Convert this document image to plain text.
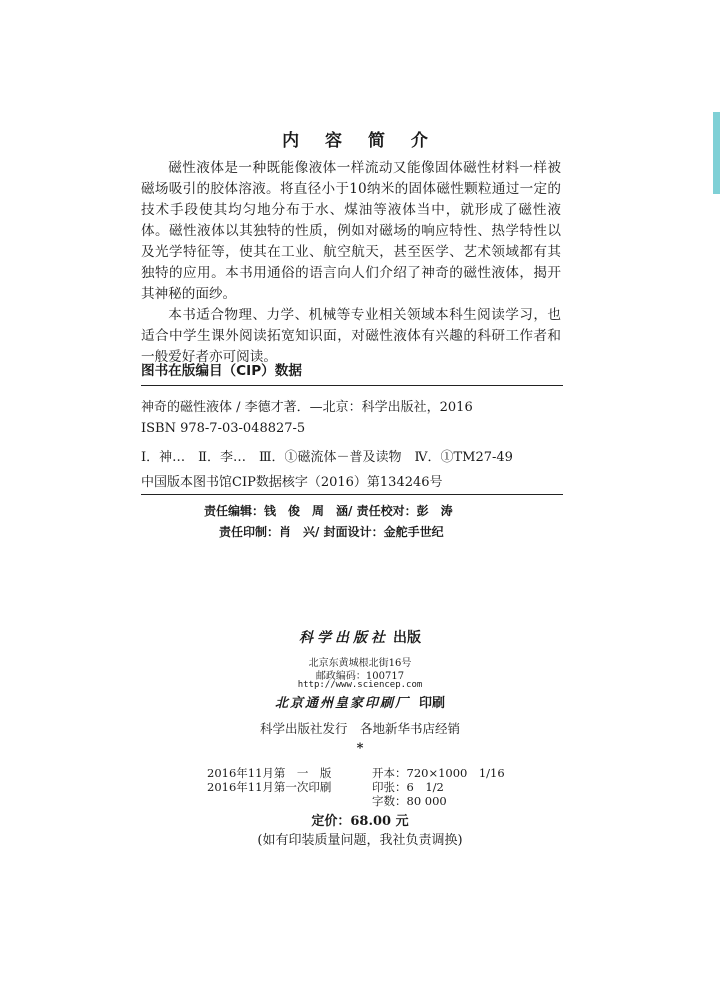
内 容 简 介

磁性液体是一种既能像液体一样流动又能像固体磁性材料一样被磁场吸引的胶体溶液。将直径小于10纳米的固体磁性颗粒通过一定的技术手段使其均匀地分布于水、煤油等液体当中，就形成了磁性液体。磁性液体以其独特的性质，例如对磁场的响应特性、热学特性以及光学特征等，使其在工业、航空航天，甚至医学、艺术领域都有其独特的应用。本书用通俗的语言向人们介绍了神奇的磁性液体，揭开其神秘的面纱。

本书适合物理、力学、机械等专业相关领域本科生阅读学习，也适合中学生课外阅读拓宽知识面，对磁性液体有兴趣的科研工作者和一般爱好者亦可阅读。

图书在版编目（CIP）数据
神奇的磁性液体 / 李德才著．—北京：科学出版社，2016
ISBN 978-7-03-048827-5
Ⅰ．神…　Ⅱ．李…　Ⅲ．①磁流体－普及读物　Ⅳ．①TM27-49
中国版本图书馆CIP数据核字（2016）第134246号
责任编辑：钱　俊　周　涵/ 责任校对：彭　涛
责任印制：肖　兴/ 封面设计：金舵手世纪
科学出版社 出版
北京东黄城根北街16号
邮政编码：100717
http://www.sciencep.com
北京通州皇家印刷厂 印刷
科学出版社发行　各地新华书店经销
*
2016年11月第　一　版	开本：720×1000　1/16
2016年11月第一次印刷	印张：6　1/2
字数：80 000
定价：68.00 元
(如有印装质量问题，我社负责调换)
